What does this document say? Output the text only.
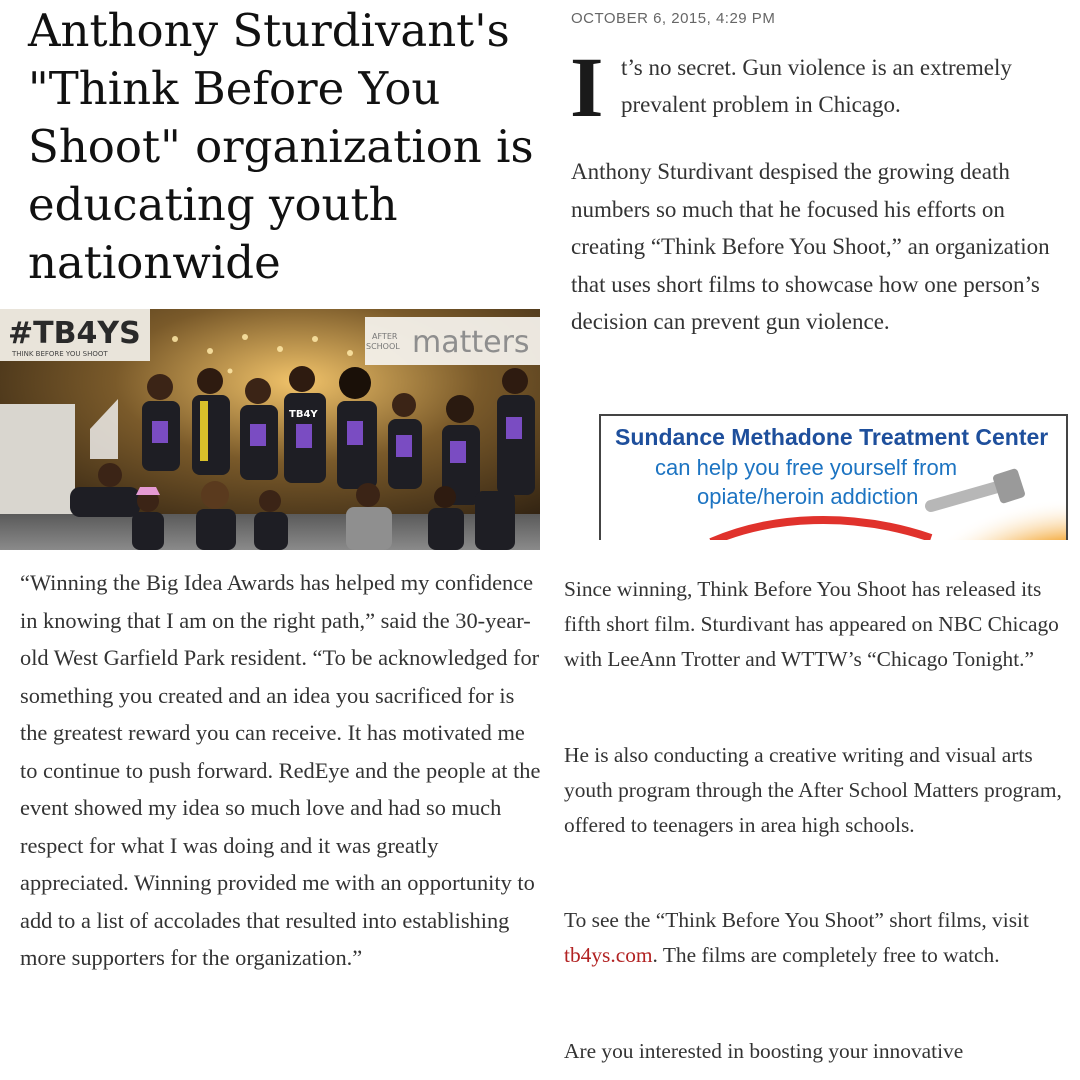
Anthony Sturdivant's "Think Before You Shoot" organization is educating youth nationwide
OCTOBER 6, 2015, 4:29 PM
I t’s no secret. Gun violence is an extremely
prevalent problem in Chicago.

Anthony Sturdivant despised the growing death numbers so much that he focused his efforts on creating “Think Before You Shoot,” an organization that uses short films to showcase how one person’s decision can prevent gun violence.

#TB4YS
THINK BEFORE YOU SHOOT
AFTER
SCHOOL matters
TB4Y
Sundance Methadone Treatment Center
can help you free yourself from
opiate/heroin addiction

“Winning the Big Idea Awards has helped my confidence in knowing that I am on the right path,” said the 30-year-old West Garfield Park resident. “To be acknowledged for something you created and an idea you sacrificed for is the greatest reward you can receive. It has motivated me to continue to push forward. RedEye and the people at the event showed my idea so much love and had so much respect for what I was doing and it was greatly appreciated. Winning provided me with an opportunity to add to a list of accolades that resulted into establishing more supporters for the organization.”

Since winning, Think Before You Shoot has released its fifth short film. Sturdivant has appeared on NBC Chicago with LeeAnn Trotter and WTTW’s “Chicago Tonight.”

He is also conducting a creative writing and visual arts youth program through the After School Matters program, offered to teenagers in area high schools.

To see the “Think Before You Shoot” short films, visit tb4ys.com. The films are completely free to watch.

Are you interested in boosting your innovative
